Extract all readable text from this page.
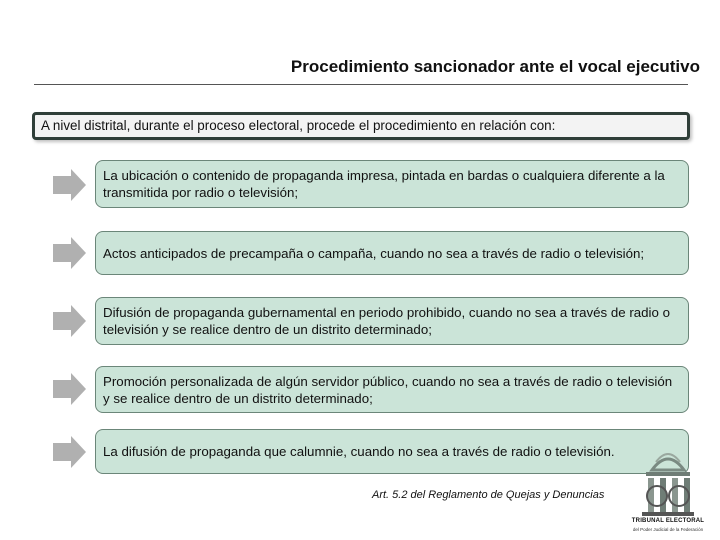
Procedimiento sancionador ante el vocal ejecutivo
A nivel distrital, durante el proceso electoral, procede el procedimiento en relación con:
La ubicación o contenido de propaganda impresa, pintada en bardas o cualquiera diferente a la transmitida por radio o televisión;
Actos anticipados de precampaña o campaña, cuando no sea a través de radio o televisión;
Difusión de propaganda gubernamental en periodo prohibido, cuando no sea a través de radio o televisión y se realice dentro de un distrito determinado;
Promoción personalizada de algún servidor público, cuando no sea a través de radio o televisión y se realice dentro de un distrito determinado;
La difusión de propaganda que calumnie, cuando no sea a través de radio o televisión.
Art. 5.2 del Reglamento de Quejas y Denuncias
TRIBUNAL ELECTORAL
del Poder Judicial de la Federación
